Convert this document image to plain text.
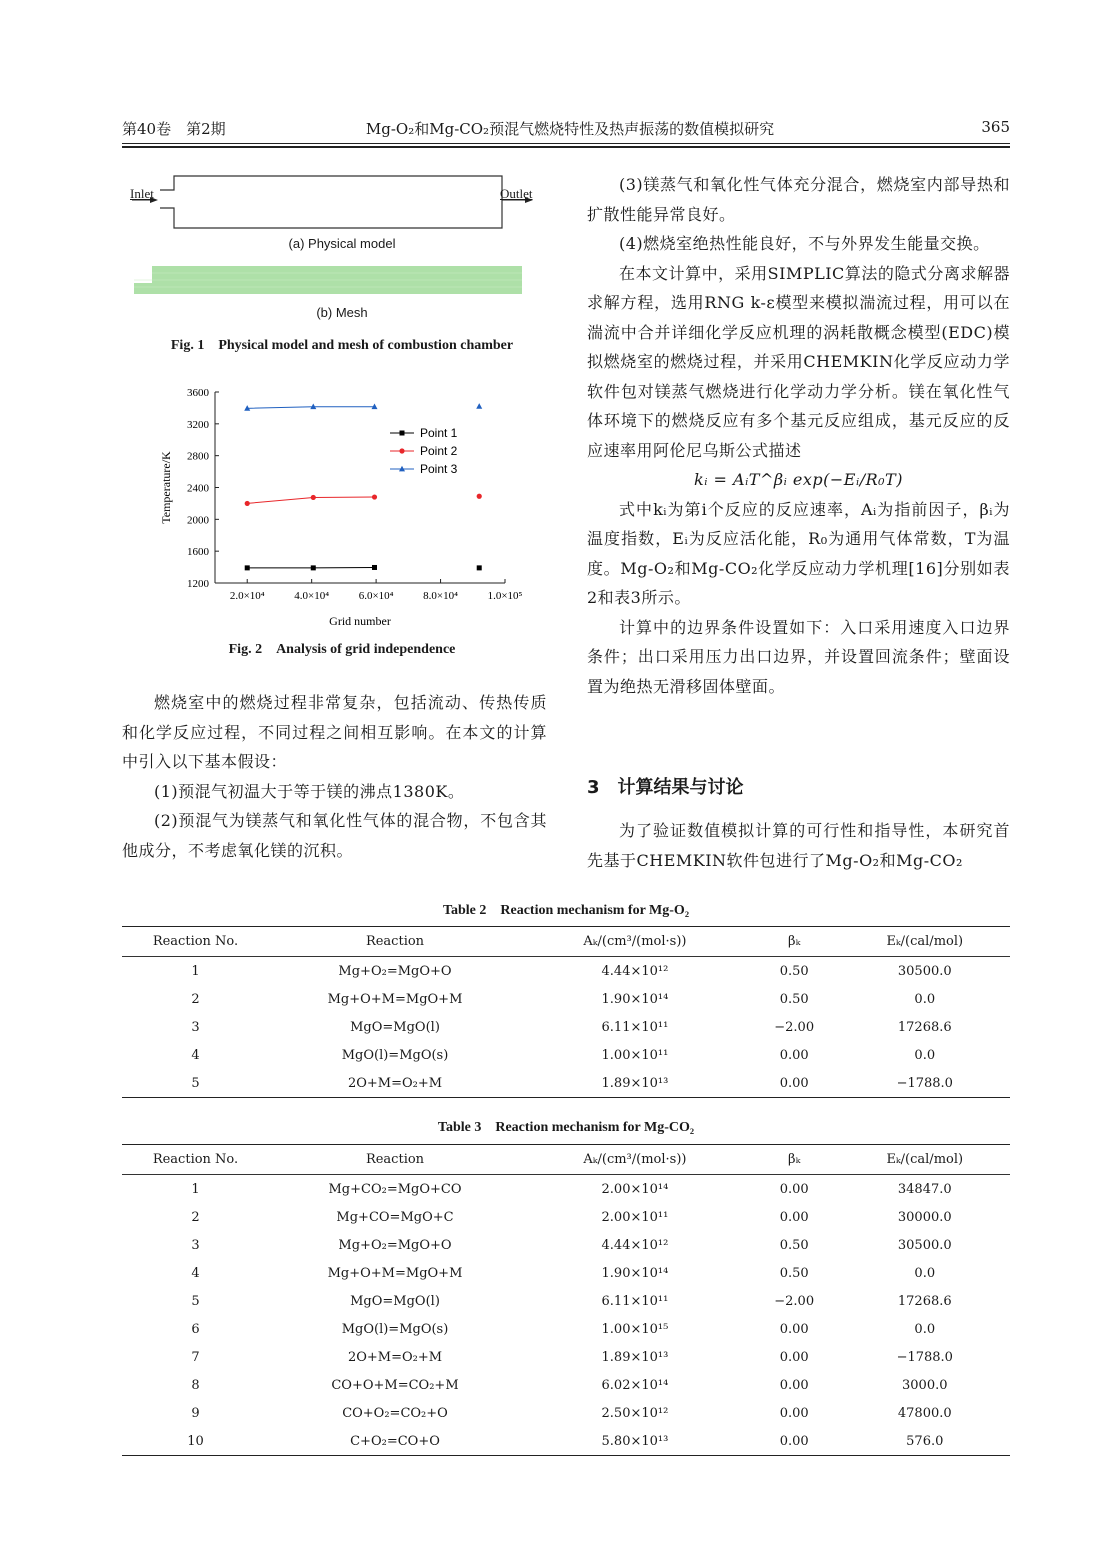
第40卷　第2期	Mg-O₂和Mg-CO₂预混气燃烧特性及热声振荡的数值模拟研究	365
Inlet	Outlet
(a) Physical model
(b) Mesh
Fig. 1　Physical model and mesh of combustion chamber
1200
1600
2000
2400
2800
3200
3600
2.0×10⁴	4.0×10⁴	6.0×10⁴	8.0×10⁴	1.0×10⁵
Grid number
Temperature/K
Point 1
Point 2
Point 3
Fig. 2　Analysis of grid independence

燃烧室中的燃烧过程非常复杂，包括流动、传热传质和化学反应过程，不同过程之间相互影响。在本文的计算中引入以下基本假设：

(1)预混气初温大于等于镁的沸点1380K。

(2)预混气为镁蒸气和氧化性气体的混合物，不包含其他成分，不考虑氧化镁的沉积。

(3)镁蒸气和氧化性气体充分混合，燃烧室内部导热和扩散性能异常良好。

(4)燃烧室绝热性能良好，不与外界发生能量交换。

在本文计算中，采用SIMPLIC算法的隐式分离求解器求解方程，选用RNG k-ε模型来模拟湍流过程，用可以在湍流中合并详细化学反应机理的涡耗散概念模型(EDC)模拟燃烧室的燃烧过程，并采用CHEMKIN化学反应动力学软件包对镁蒸气燃烧进行化学动力学分析。镁在氧化性气体环境下的燃烧反应有多个基元反应组成，基元反应的反应速率用阿伦尼乌斯公式描述

kᵢ = AᵢT^βᵢ exp(−Eᵢ/R₀T)

式中kᵢ为第i个反应的反应速率，Aᵢ为指前因子，βᵢ为温度指数，Eᵢ为反应活化能，R₀为通用气体常数，T为温度。Mg-O₂和Mg-CO₂化学反应动力学机理[16]分别如表2和表3所示。

计算中的边界条件设置如下：入口采用速度入口边界条件；出口采用压力出口边界，并设置回流条件；壁面设置为绝热无滑移固体壁面。

3　计算结果与讨论

为了验证数值模拟计算的可行性和指导性，本研究首先基于CHEMKIN软件包进行了Mg-O₂和Mg-CO₂

Table 2　Reaction mechanism for Mg-O₂
Reaction No.	Reaction	Aₖ/(cm³/(mol·s))	βₖ	Eₖ/(cal/mol)
1	Mg+O₂=MgO+O	4.44×10¹²	0.50	30500.0
2	Mg+O+M=MgO+M	1.90×10¹⁴	0.50	0.0
3	MgO=MgO(l)	6.11×10¹¹	−2.00	17268.6
4	MgO(l)=MgO(s)	1.00×10¹¹	0.00	0.0
5	2O+M=O₂+M	1.89×10¹³	0.00	−1788.0
Table 3　Reaction mechanism for Mg-CO₂
Reaction No.	Reaction	Aₖ/(cm³/(mol·s))	βₖ	Eₖ/(cal/mol)
1	Mg+CO₂=MgO+CO	2.00×10¹⁴	0.00	34847.0
2	Mg+CO=MgO+C	2.00×10¹¹	0.00	30000.0
3	Mg+O₂=MgO+O	4.44×10¹²	0.50	30500.0
4	Mg+O+M=MgO+M	1.90×10¹⁴	0.50	0.0
5	MgO=MgO(l)	6.11×10¹¹	−2.00	17268.6
6	MgO(l)=MgO(s)	1.00×10¹⁵	0.00	0.0
7	2O+M=O₂+M	1.89×10¹³	0.00	−1788.0
8	CO+O+M=CO₂+M	6.02×10¹⁴	0.00	3000.0
9	CO+O₂=CO₂+O	2.50×10¹²	0.00	47800.0
10	C+O₂=CO+O	5.80×10¹³	0.00	576.0
